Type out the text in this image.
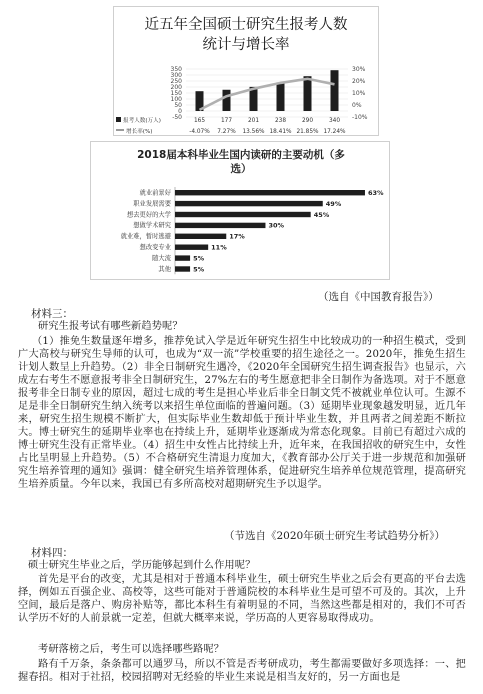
近五年全国硕士研究生报考人数
统计与增长率
350
300
250
200
150
100
50
0
-50
30%
20%
10%
0%
-10%
报考人数(万人)
增长率(%)
165	177	201	238	290	340
-4.07% 7.27% 13.56% 18.41% 21.85% 17.24%
2018届本科毕业生国内读研的主要动机（多
选）
就业前景好	63%
职业发展需要	49%
想去更好的大学	45%
想做学术研究	30%
就业难，暂时逃避	17%
想改变专业	11%
随大流	5%
其他	5%
（选自《中国教育报告》）
材料三：

研究生报考试有哪些新趋势呢？

（1）推免生数量逐年增多，推荐免试入学是近年研究生招生中比较成功的一种招生模式，受到广大高校与研究生导师的认可，也成为“双一流”学校重要的招生途径之一。2020年，推免生招生计划人数呈上升趋势。（2）非全日制研究生遇冷，《2020年全国研究生招生调查报告》也显示，六成左右考生不愿意报考非全日制研究生，27%左右的考生愿意把非全日制作为备选项。对于不愿意报考非全日制专业的原因，超过七成的考生是担心毕业后非全日制文凭不被就业单位认可。生源不足是非全日制研究生纳入统考以来招生单位面临的普遍问题。（3）延期毕业现象越发明显，近几年来，研究生招生规模不断扩大，但实际毕业生数却低于预计毕业生数，并且两者之间差距不断拉大。博士研究生的延期毕业率也在持续上升，延期毕业逐渐成为常态化现象。目前已有超过六成的博士研究生没有正常毕业。（4）招生中女性占比持续上升，近年来，在我国招收的研究生中，女性占比呈明显上升趋势。（5）不合格研究生清退力度加大，《教育部办公厅关于进一步规范和加强研究生培养管理的通知》强调：健全研究生培养管理体系，促进研究生培养单位规范管理，提高研究生培养质量。今年以来，我国已有多所高校对超期研究生予以退学。

（节选自《2020年硕士研究生考试趋势分析》）
材料四：

硕士研究生毕业之后，学历能够起到什么作用呢？

首先是平台的改变，尤其是相对于普通本科毕业生，硕士研究生毕业之后会有更高的平台去选择，例如五百强企业、高校等，这些可能对于普通院校的本科毕业生是可望不可及的。其次，上升空间，最后是落户、购房补贴等，都比本科生有着明显的不同，当然这些都是相对的，我们不可否认学历不好的人前景就一定差，但就大概率来说，学历高的人更容易取得成功。

考研落榜之后，考生可以选择哪些路呢？

路有千万条，条条都可以通罗马，所以不管是否考研成功，考生都需要做好多项选择：一、把握春招。相对于社招，校园招聘对无经验的毕业生来说是相当友好的，另一方面也是
